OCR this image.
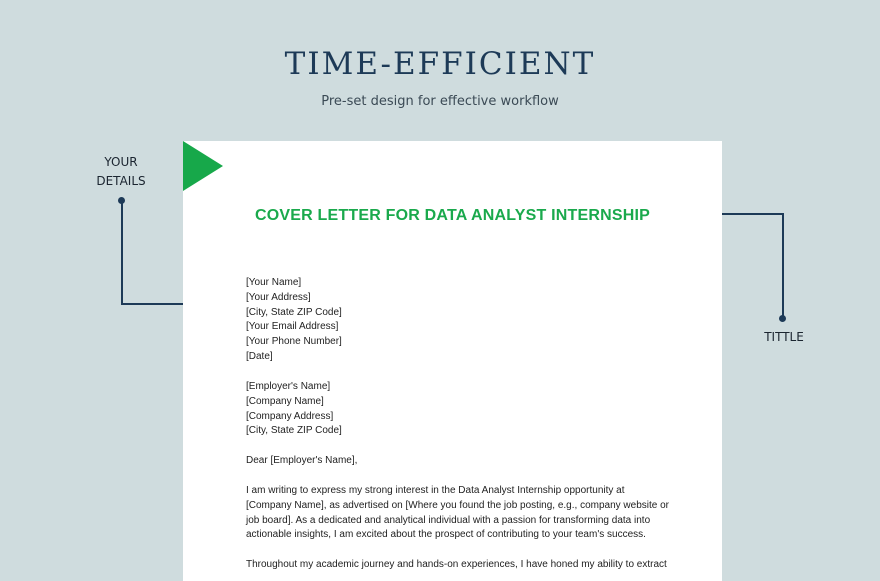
TIME-EFFICIENT

Pre-set design for effective workflow

YOUR
DETAILS
TITTLE
COVER LETTER FOR DATA ANALYST INTERNSHIP
[Your Name]
[Your Address]
[City, State ZIP Code]
[Your Email Address]
[Your Phone Number]
[Date]
[Employer's Name]
[Company Name]
[Company Address]
[City, State ZIP Code]
Dear [Employer's Name],
I am writing to express my strong interest in the Data Analyst Internship opportunity at
[Company Name], as advertised on [Where you found the job posting, e.g., company website or
job board]. As a dedicated and analytical individual with a passion for transforming data into
actionable insights, I am excited about the prospect of contributing to your team's success.
Throughout my academic journey and hands-on experiences, I have honed my ability to extract
